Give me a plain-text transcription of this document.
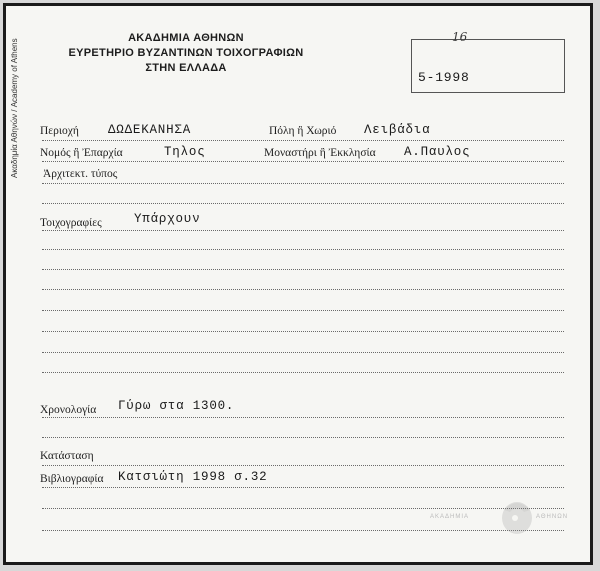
ΑΚΑΔΗΜΙΑ ΑΘΗΝΩΝ
ΕΥΡΕΤΗΡΙΟ ΒΥΖΑΝΤΙΝΩΝ ΤΟΙΧΟΓΡΑΦΙΩΝ
ΣΤΗΝ ΕΛΛΑΔΑ
Ακαδημία Αθηνών / Academy of Athens
16
5-1998
Περιοχή ΔΩΔΕΚΑΝΗΣΑ	Πόλη ἢ Χωριό Λειβάδια
Νομός ἢ Ἐπαρχία	Τηλος	Μοναστήρι ἢ Ἐκκλησία Α.Παυλος
Ἀρχιτεκτ. τύπος
Τοιχογραφίες	Υπάρχουν
Χρονολογία Γύρω στα 1300.
Κατάσταση
Βιβλιογραφία Κατσιώτη 1998 σ.32
ΑΚΑΔΗΜΙΑ	ΑΘΗΝΩΝ
